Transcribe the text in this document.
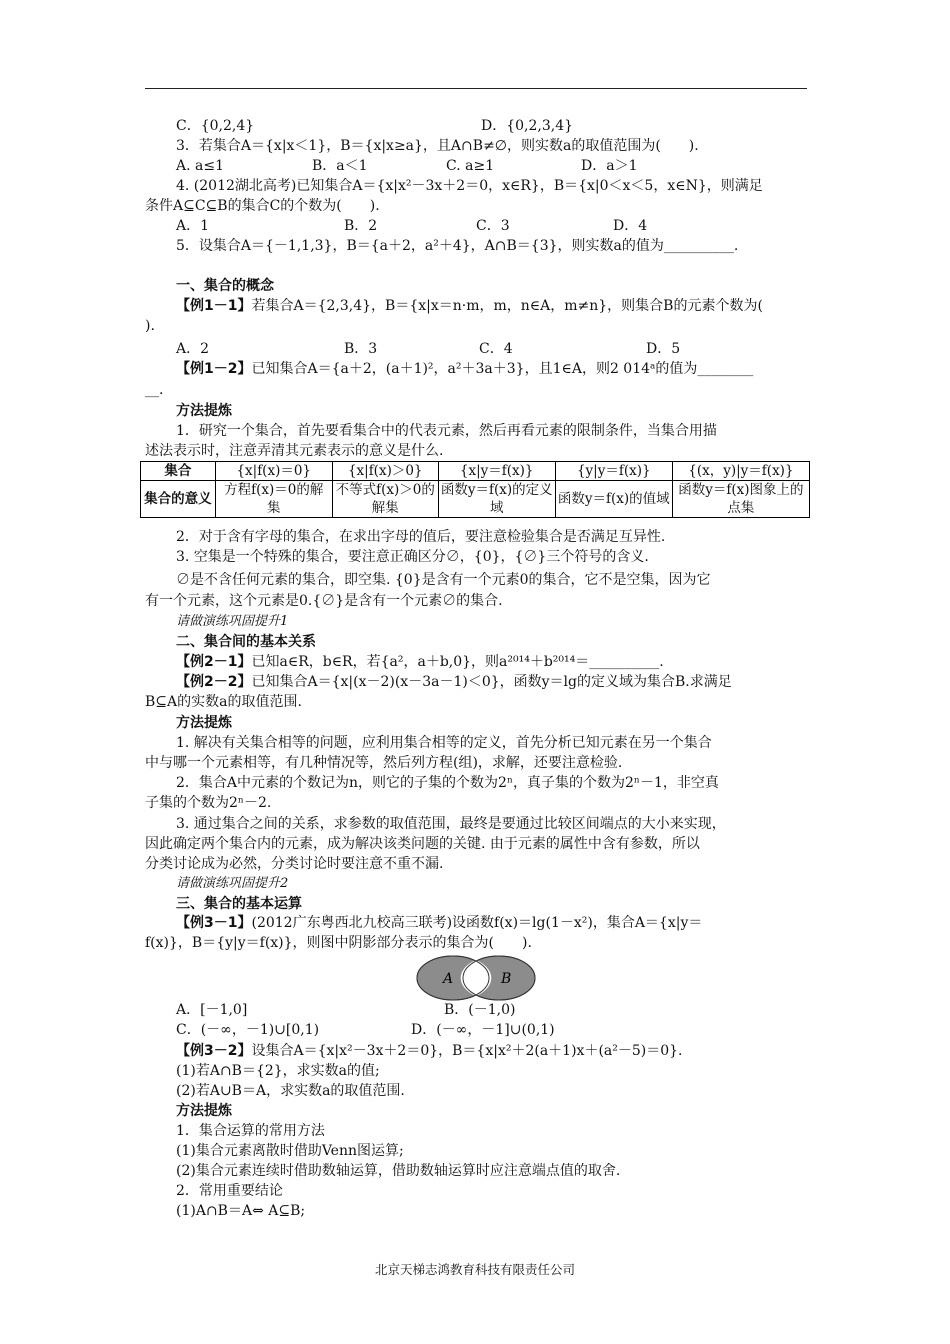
C．{0,2,4}	D．{0,2,3,4}
3．若集合A＝{x|x＜1}，B＝{x|x≥a}，且A∩B≠∅，则实数a的取值范围为(　　).
A. a≤1	B．a＜1	C. a≥1	D．a＞1
4. (2012湖北高考)已知集合A＝{x|x²－3x＋2＝0，x∈R}，B＝{x|0＜x＜5，x∈N}，则满足
条件A⊆C⊆B的集合C的个数为(　　).
A．1	B．2	C．3	D．4
5．设集合A＝{－1,1,3}，B＝{a＋2，a²＋4}，A∩B＝{3}，则实数a的值为__________.
一、集合的概念
【例1－1】若集合A＝{2,3,4}，B＝{x|x＝n·m，m，n∈A，m≠n}，则集合B的元素个数为(
).
A．2	B．3	C．4	D．5
【例1－2】已知集合A＝{a＋2，(a＋1)²，a²＋3a＋3}，且1∈A，则2 014ᵃ的值为________
__.
方法提炼
1．研究一个集合，首先要看集合中的代表元素，然后再看元素的限制条件，当集合用描
述法表示时，注意弄清其元素表示的意义是什么.
集合	{x|f(x)＝0}	{x|f(x)＞0}	{x|y＝f(x)}	{y|y＝f(x)}	{(x，y)|y＝f(x)}
集合的意义	方程f(x)＝0的解集	不等式f(x)＞0的解集	函数y＝f(x)的定义域	函数y＝f(x)的值域	函数y＝f(x)图象上的点集
2．对于含有字母的集合，在求出字母的值后，要注意检验集合是否满足互异性.
3. 空集是一个特殊的集合，要注意正确区分∅，{0}，{∅}三个符号的含义.
∅是不含任何元素的集合，即空集. {0}是含有一个元素0的集合，它不是空集，因为它
有一个元素，这个元素是0.{∅}是含有一个元素∅的集合.
请做演练巩固提升1
二、集合间的基本关系
【例2－1】已知a∈R，b∈R，若{a²，a＋b,0}，则a²⁰¹⁴＋b²⁰¹⁴＝__________.
【例2－2】已知集合A＝{x|(x－2)(x－3a－1)＜0}，函数y＝lg的定义域为集合B.求满足
B⊆A的实数a的取值范围.
方法提炼
1. 解决有关集合相等的问题，应利用集合相等的定义，首先分析已知元素在另一个集合
中与哪一个元素相等，有几种情况等，然后列方程(组)，求解，还要注意检验.
2．集合A中元素的个数记为n，则它的子集的个数为2ⁿ，真子集的个数为2ⁿ－1，非空真
子集的个数为2ⁿ－2.
3. 通过集合之间的关系，求参数的取值范围，最终是要通过比较区间端点的大小来实现，
因此确定两个集合内的元素，成为解决该类问题的关键. 由于元素的属性中含有参数，所以
分类讨论成为必然，分类讨论时要注意不重不漏.
请做演练巩固提升2
三、集合的基本运算
【例3－1】(2012广东粤西北九校高三联考)设函数f(x)＝lg(1－x²)，集合A＝{x|y＝
f(x)}，B＝{y|y＝f(x)}，则图中阴影部分表示的集合为(　　).
A	B
A．[－1,0]	B．(－1,0)
C．(－∞，－1)∪[0,1)	D．(－∞，－1]∪(0,1)
【例3－2】设集合A＝{x|x²－3x＋2＝0}，B＝{x|x²＋2(a＋1)x＋(a²－5)＝0}.
(1)若A∩B＝{2}，求实数a的值;
(2)若A∪B＝A，求实数a的取值范围.
方法提炼
1．集合运算的常用方法
(1)集合元素离散时借助Venn图运算;
(2)集合元素连续时借助数轴运算，借助数轴运算时应注意端点值的取舍.
2．常用重要结论
(1)A∩B＝A⇔ A⊆B;
北京天梯志鸿教育科技有限责任公司
